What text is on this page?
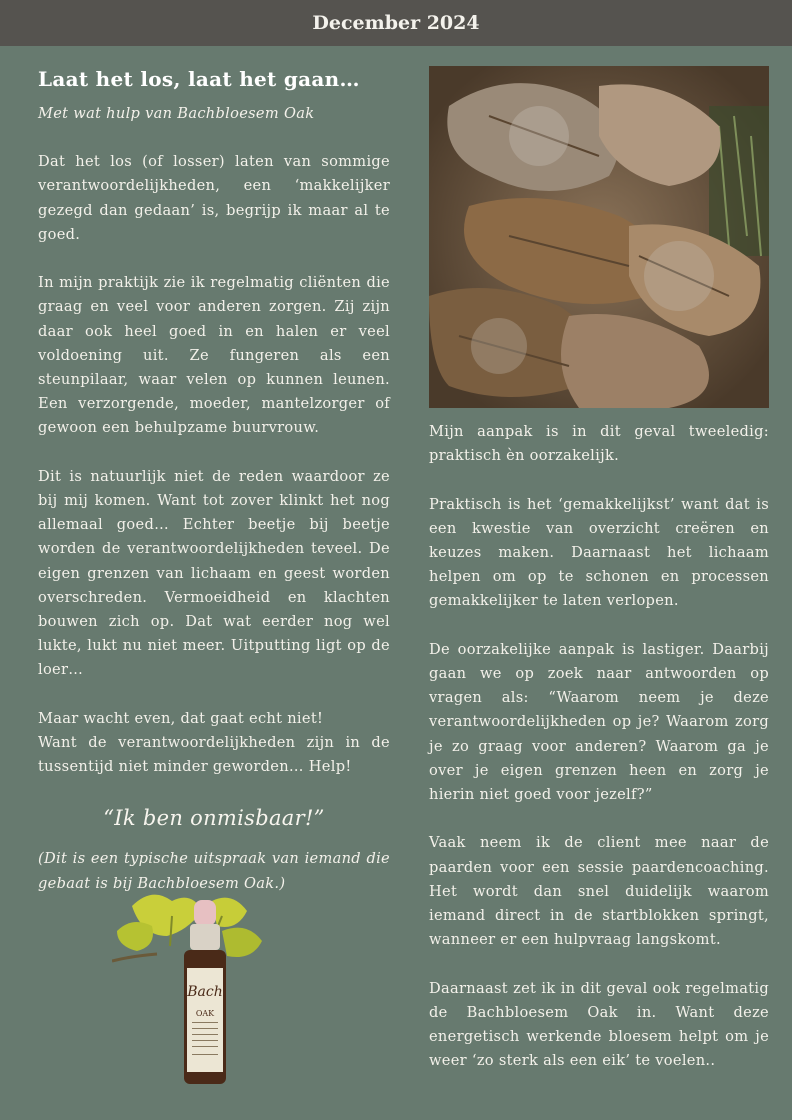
December 2024
Laat het los, laat het gaan…

Met wat hulp van Bachbloesem Oak

Dat het los (of losser) laten van sommige verantwoordelijkheden, een ‘makkelijker gezegd dan gedaan’ is, begrijp ik maar al te goed.

In mijn praktijk zie ik regelmatig cliënten die graag en veel voor anderen zorgen. Zij zijn daar ook heel goed in en halen er veel voldoening uit. Ze fungeren als een steunpilaar, waar velen op kunnen leunen. Een verzorgende, moeder, mantelzorger of gewoon een behulpzame buurvrouw.

Dit is natuurlijk niet de reden waardoor ze bij mij komen. Want tot zover klinkt het nog allemaal goed… Echter beetje bij beetje worden de verantwoordelijkheden teveel. De eigen grenzen van lichaam en geest worden overschreden. Vermoeidheid en klachten bouwen zich op. Dat wat eerder nog wel lukte, lukt nu niet meer. Uitputting ligt op de loer…

Maar wacht even, dat gaat echt niet!

Want de verantwoordelijkheden zijn in de tussentijd niet minder geworden… Help!

“Ik ben onmisbaar!”

(Dit is een typische uitspraak van iemand die gebaat is bij Bachbloesem Oak.)

Mijn aanpak is in dit geval tweeledig: praktisch èn oorzakelijk.

Praktisch is het ‘gemakkelijkst’ want dat is een kwestie van overzicht creëren en keuzes maken. Daarnaast het lichaam helpen om op te schonen en processen gemakkelijker te laten verlopen.

De oorzakelijke aanpak is lastiger. Daarbij gaan we op zoek naar antwoorden op vragen als: “Waarom neem je deze verantwoordelijkheden op je? Waarom zorg je zo graag voor anderen? Waarom ga je over je eigen grenzen heen en zorg je hierin niet goed voor jezelf?”

Vaak neem ik de client mee naar de paarden voor een sessie paardencoaching. Het wordt dan snel duidelijk waarom iemand direct in de startblokken springt, wanneer er een hulpvraag langskomt.

Daarnaast zet ik in dit geval ook regelmatig de Bachbloesem Oak in. Want deze energetisch werkende bloesem helpt om je weer ‘zo sterk als een eik’ te voelen..

Bach
OAK
